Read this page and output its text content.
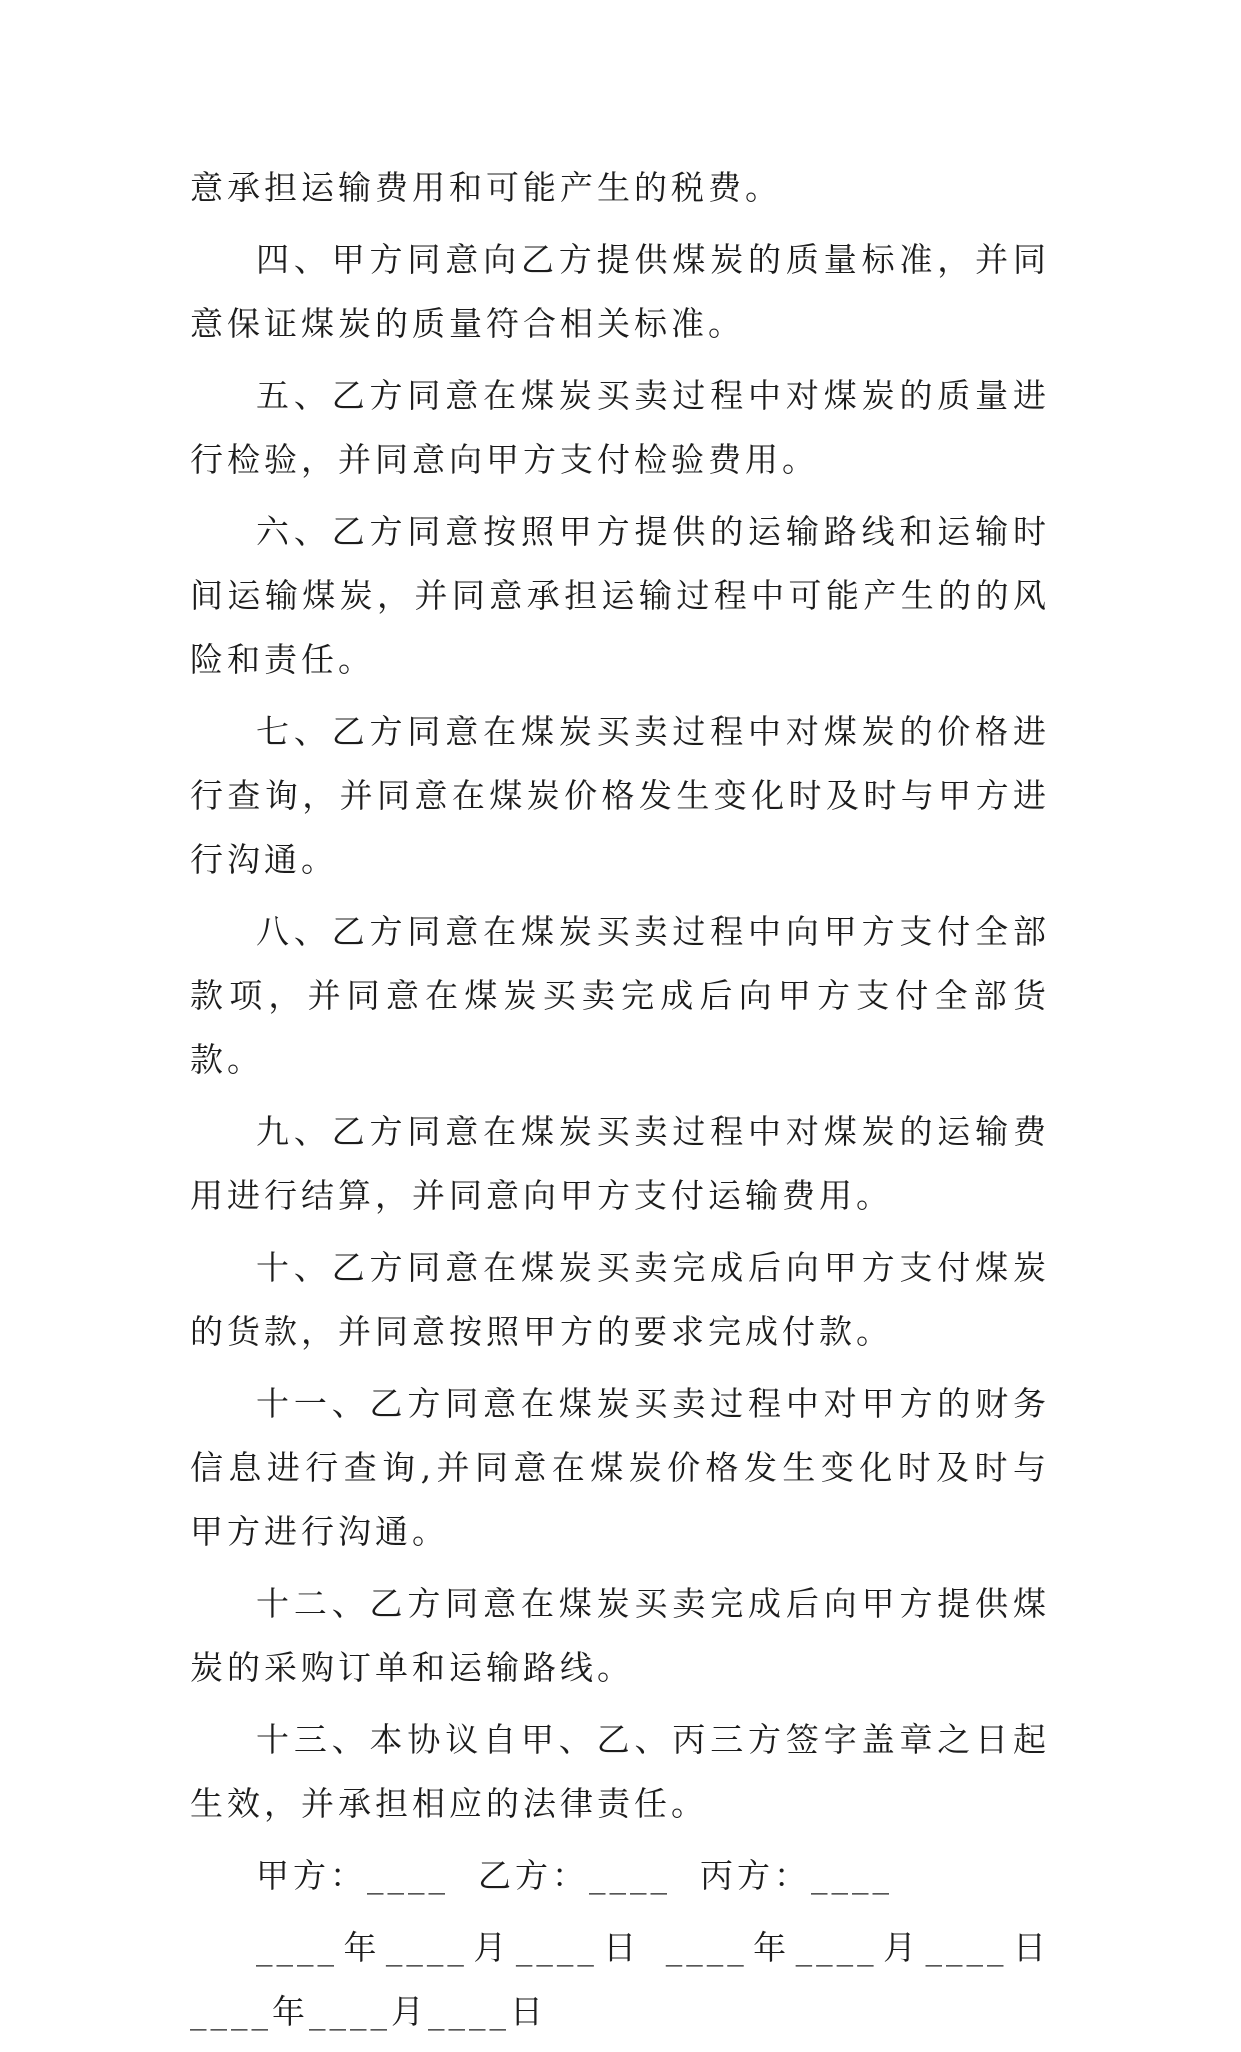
意承担运输费用和可能产生的税费。

四、甲方同意向乙方提供煤炭的质量标准，并同意保证煤炭的质量符合相关标准。

五、乙方同意在煤炭买卖过程中对煤炭的质量进行检验，并同意向甲方支付检验费用。

六、乙方同意按照甲方提供的运输路线和运输时间运输煤炭，并同意承担运输过程中可能产生的的风险和责任。

七、乙方同意在煤炭买卖过程中对煤炭的价格进行查询，并同意在煤炭价格发生变化时及时与甲方进行沟通。

八、乙方同意在煤炭买卖过程中向甲方支付全部款项，并同意在煤炭买卖完成后向甲方支付全部货款。

九、乙方同意在煤炭买卖过程中对煤炭的运输费用进行结算，并同意向甲方支付运输费用。

十、乙方同意在煤炭买卖完成后向甲方支付煤炭的货款，并同意按照甲方的要求完成付款。

十一、乙方同意在煤炭买卖过程中对甲方的财务信息进行查询,并同意在煤炭价格发生变化时及时与甲方进行沟通。

十二、乙方同意在煤炭买卖完成后向甲方提供煤炭的采购订单和运输路线。

十三、本协议自甲、乙、丙三方签字盖章之日起生效，并承担相应的法律责任。

甲方：____  乙方：____  丙方：____

____年____月____日 ____年____月____日 ____年____月____日
